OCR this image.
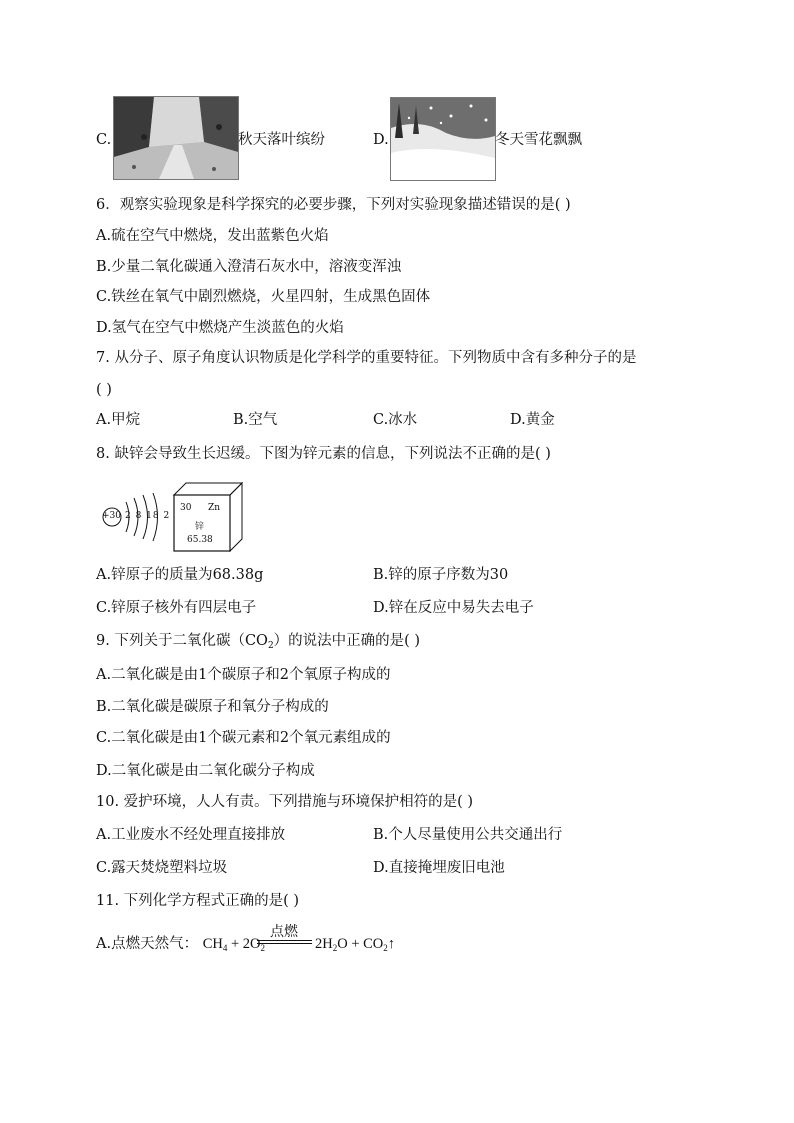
C.	秋天落叶缤纷	D.	冬天雪花飘飘
6．观察实验现象是科学探究的必要步骤，下列对实验现象描述错误的是( )
A.硫在空气中燃烧，发出蓝紫色火焰
B.少量二氧化碳通入澄清石灰水中，溶液变浑浊
C.铁丝在氧气中剧烈燃烧，火星四射，生成黑色固体
D.氢气在空气中燃烧产生淡蓝色的火焰
7. 从分子、原子角度认识物质是化学科学的重要特征。下列物质中含有多种分子的是
( )
A.甲烷	B.空气	C.冰水	D.黄金
8. 缺锌会导致生长迟缓。下图为锌元素的信息，下列说法不正确的是( )
+30 2 8 18 2
30 Zn
锌
65.38
A.锌原子的质量为68.38g	B.锌的原子序数为30
C.锌原子核外有四层电子	D.锌在反应中易失去电子
9. 下列关于二氧化碳$(CO_2)$的说法中正确的是( )
A.二氧化碳是由1个碳原子和2个氧原子构成的
B.二氧化碳是碳原子和氧分子构成的
C.二氧化碳是由1个碳元素和2个氧元素组成的
D.二氧化碳是由二氧化碳分子构成
10. 爱护环境，人人有责。下列措施与环境保护相符的是( )
A.工业废水不经处理直接排放	B.个人尽量使用公共交通出行
C.露天焚烧塑料垃圾	D.直接掩埋废旧电池
11. 下列化学方程式正确的是( )
点燃
A.点燃天然气： $CH_4 + 2O_2$	$2H_2O$ + $CO_2↑$
